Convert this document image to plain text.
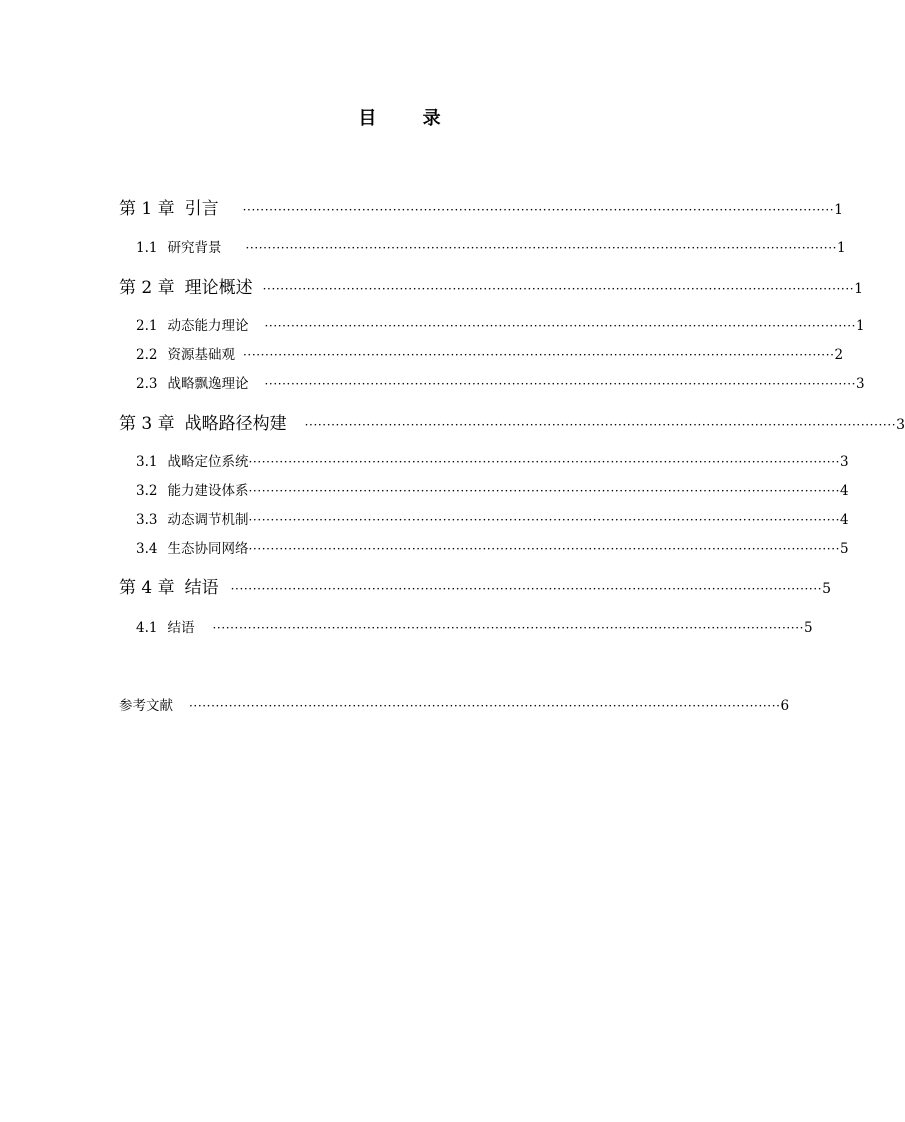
目 录
第 1 章 引言 ······································································································································ 1
1.1 研究背景 ······································································································································ 1
第 2 章 理论概述 ······································································································································ 1
2.1 动态能力理论 ······································································································································ 1
2.2 资源基础观 ······································································································································ 2
2.3 战略飘逸理论 ······································································································································ 3
第 3 章 战略路径构建 ······································································································································ 3
3.1 战略定位系统 ······································································································································ 3
3.2 能力建设体系 ······································································································································ 4
3.3 动态调节机制 ······································································································································ 4
3.4 生态协同网络 ······································································································································ 5
第 4 章 结语 ······································································································································ 5
4.1 结语 ······································································································································ 5
参考文献 ······································································································································ 6
